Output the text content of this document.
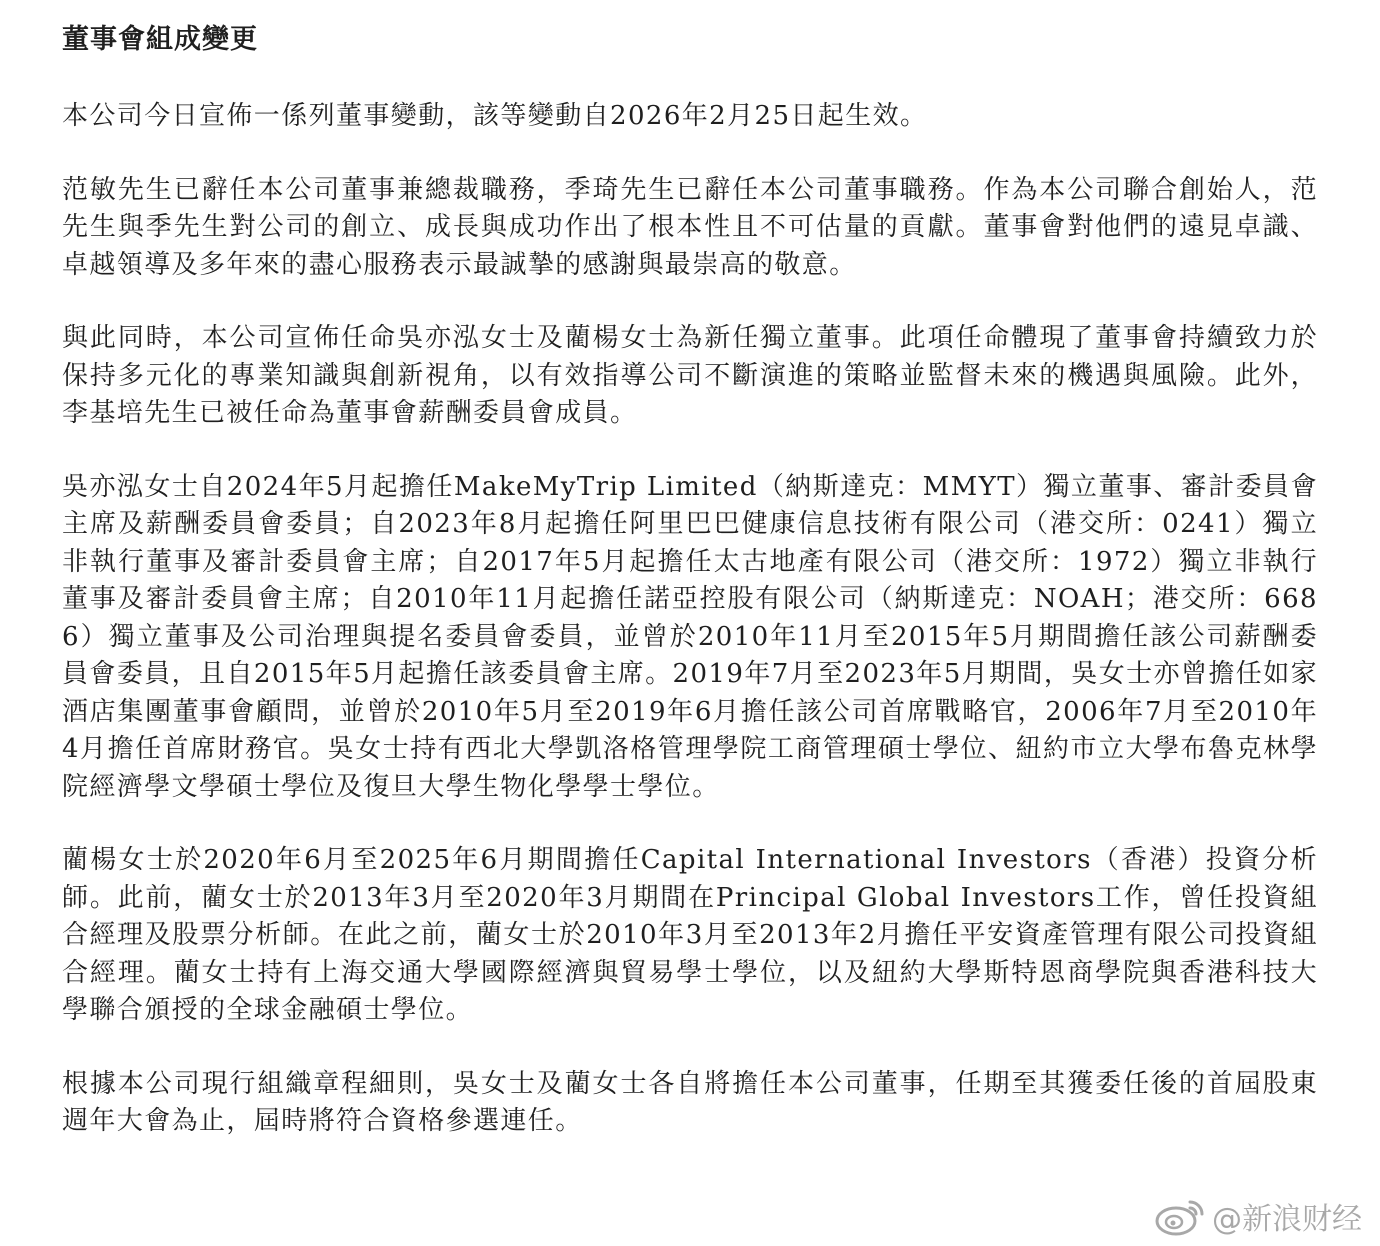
董事會組成變更

本公司今日宣佈一係列董事變動，該等變動自2026年2月25日起生效。

范敏先生已辭任本公司董事兼總裁職務，季琦先生已辭任本公司董事職務。作為本公司聯合創始人，范先生與季先生對公司的創立、成長與成功作出了根本性且不可估量的貢獻。董事會對他們的遠見卓識、卓越領導及多年來的盡心服務表示最誠摯的感謝與最崇高的敬意。

與此同時，本公司宣佈任命吳亦泓女士及藺楊女士為新任獨立董事。此項任命體現了董事會持續致力於保持多元化的專業知識與創新視角，以有效指導公司不斷演進的策略並監督未來的機遇與風險。此外，李基培先生已被任命為董事會薪酬委員會成員。

吳亦泓女士自2024年5月起擔任MakeMyTrip Limited（納斯達克：MMYT）獨立董事、審計委員會主席及薪酬委員會委員；自2023年8月起擔任阿里巴巴健康信息技術有限公司（港交所：0241）獨立非執行董事及審計委員會主席；自2017年5月起擔任太古地產有限公司（港交所：1972）獨立非執行董事及審計委員會主席；自2010年11月起擔任諾亞控股有限公司（納斯達克：NOAH；港交所：6686）獨立董事及公司治理與提名委員會委員，並曾於2010年11月至2015年5月期間擔任該公司薪酬委員會委員，且自2015年5月起擔任該委員會主席。2019年7月至2023年5月期間，吳女士亦曾擔任如家酒店集團董事會顧問，並曾於2010年5月至2019年6月擔任該公司首席戰略官，2006年7月至2010年4月擔任首席財務官。吳女士持有西北大學凱洛格管理學院工商管理碩士學位、紐約市立大學布魯克林學院經濟學文學碩士學位及復旦大學生物化學學士學位。

藺楊女士於2020年6月至2025年6月期間擔任Capital International Investors（香港）投資分析師。此前，藺女士於2013年3月至2020年3月期間在Principal Global Investors工作，曾任投資組合經理及股票分析師。在此之前，藺女士於2010年3月至2013年2月擔任平安資產管理有限公司投資組合經理。藺女士持有上海交通大學國際經濟與貿易學士學位，以及紐約大學斯特恩商學院與香港科技大學聯合頒授的全球金融碩士學位。

根據本公司現行組織章程細則，吳女士及藺女士各自將擔任本公司董事，任期至其獲委任後的首屆股東週年大會為止，屆時將符合資格參選連任。

@新浪财经
